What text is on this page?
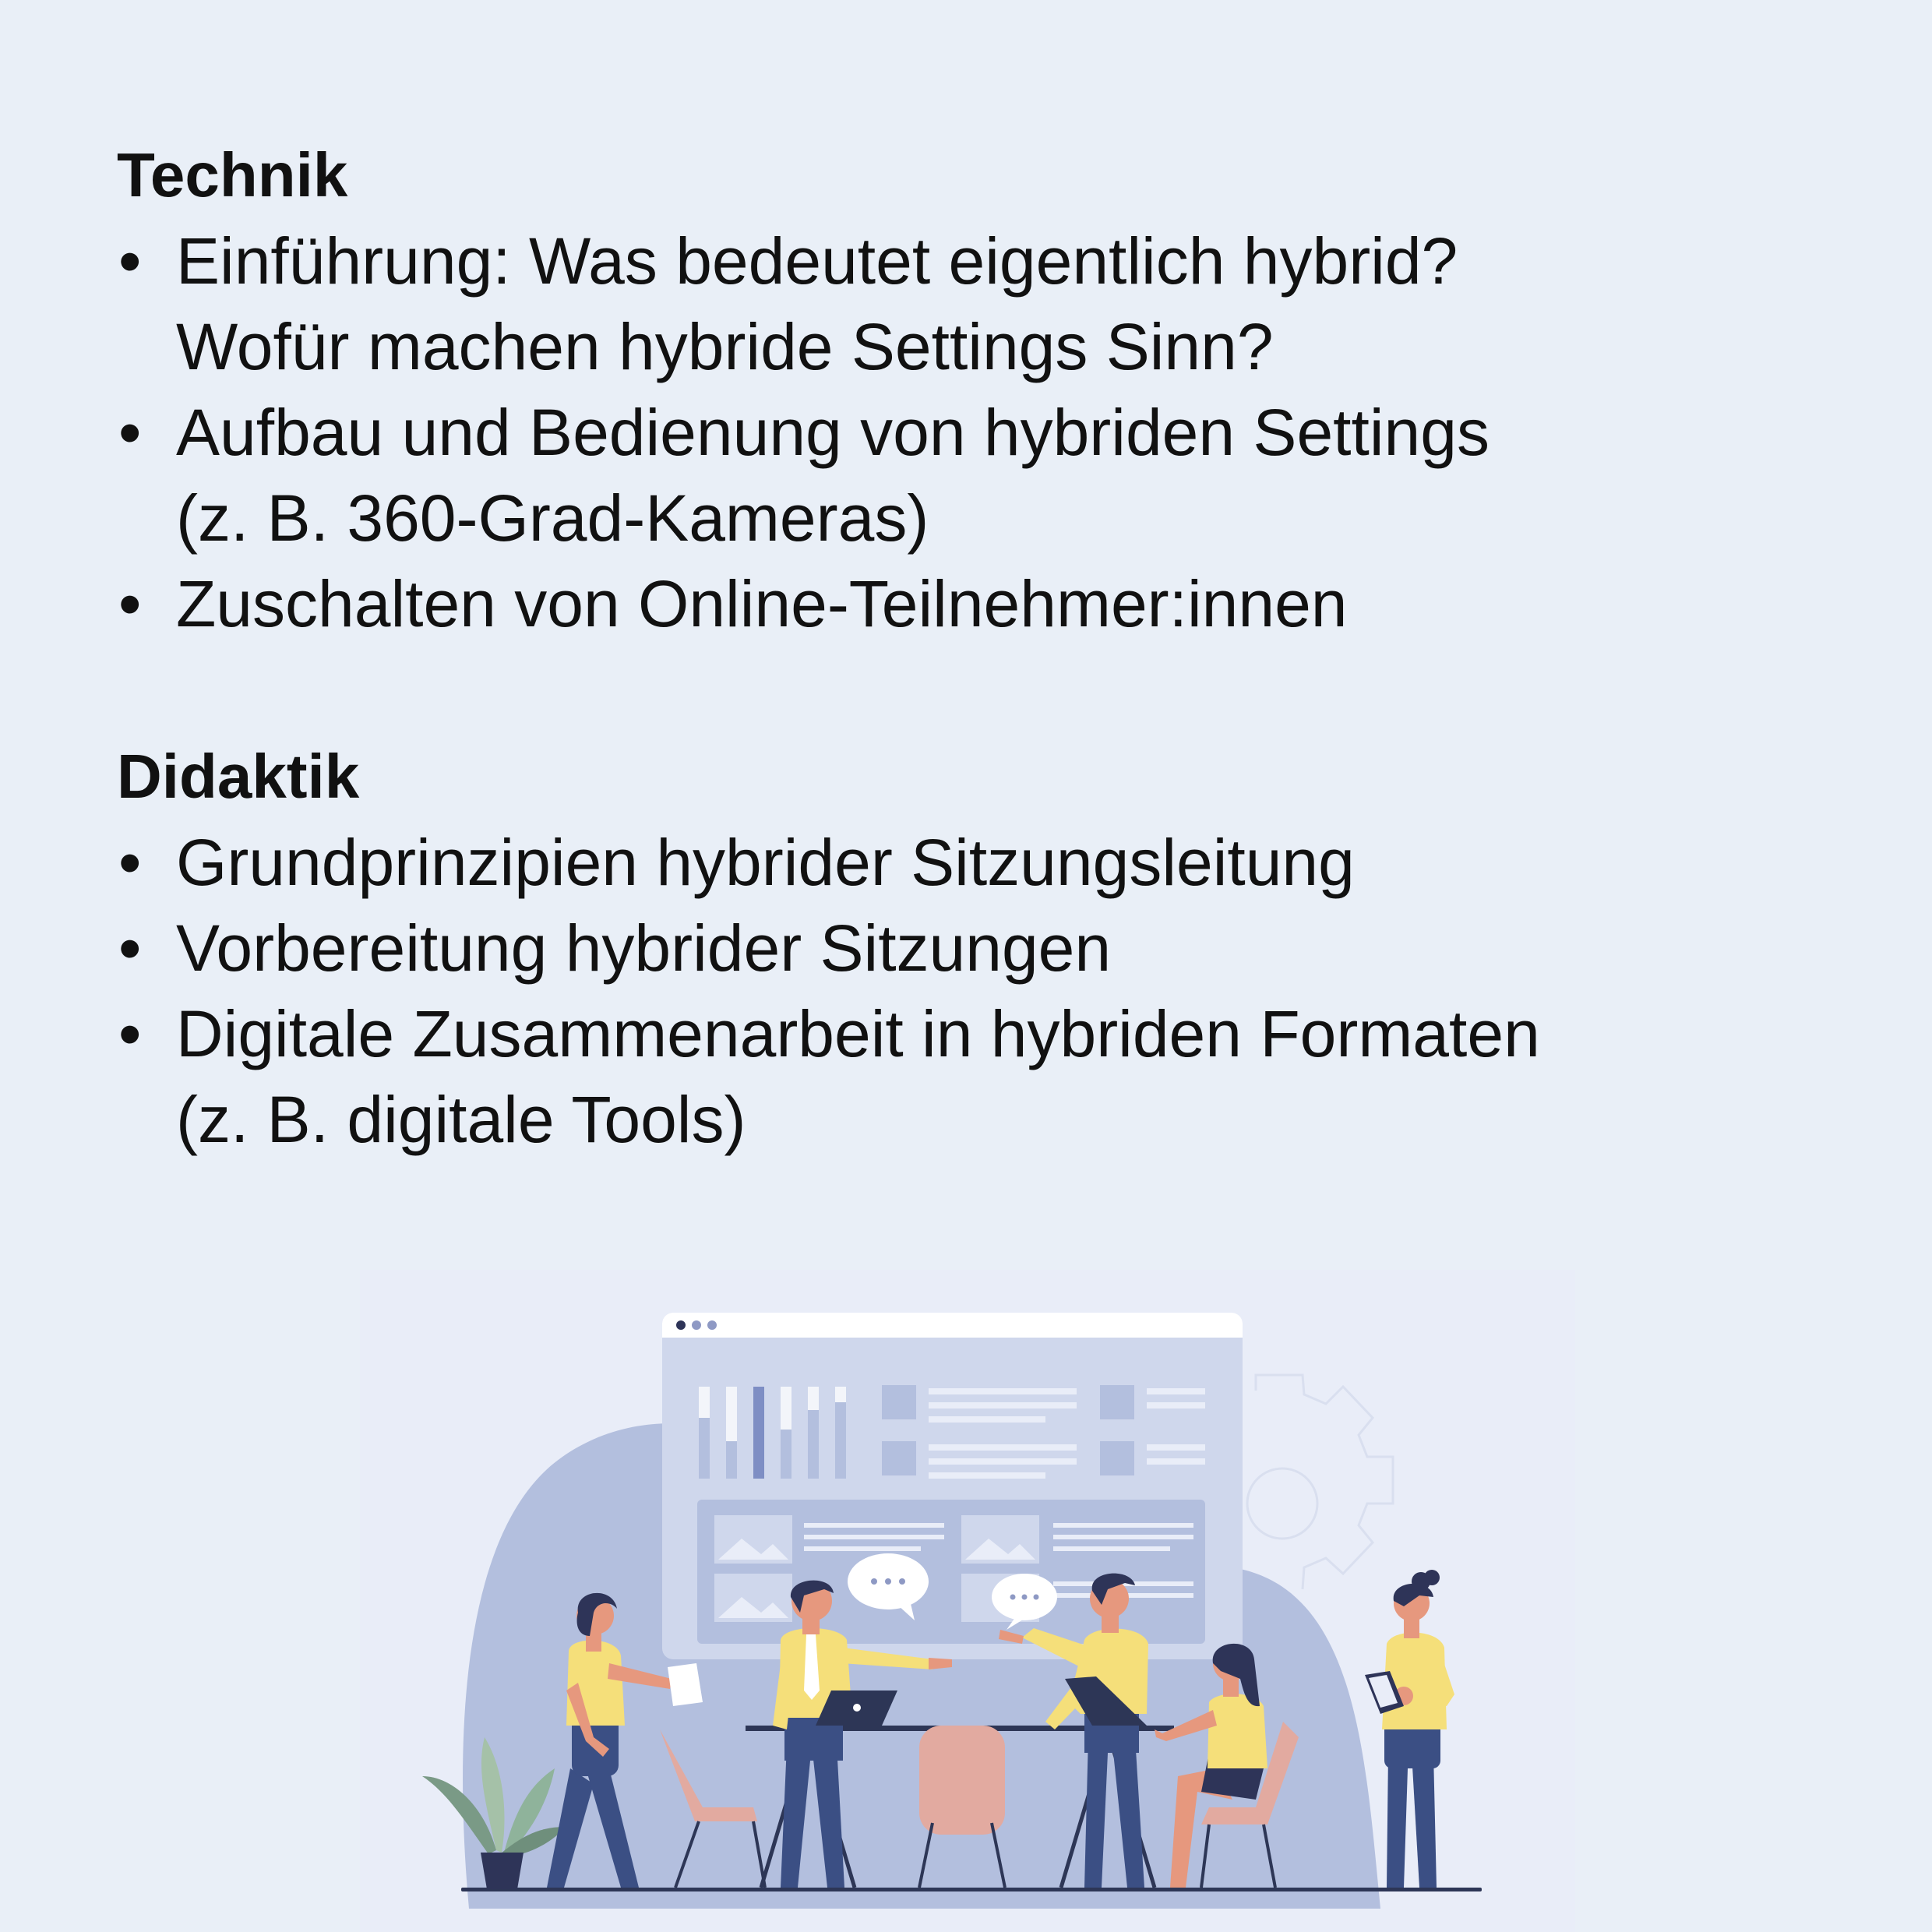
Technik
• Einführung: Was bedeutet eigentlich hybrid?
Wofür machen hybride Settings Sinn?
• Aufbau und Bedienung von hybriden Settings
(z. B. 360-Grad-Kameras)
• Zuschalten von Online-Teilnehmer:innen
Didaktik
• Grundprinzipien hybrider Sitzungsleitung
• Vorbereitung hybrider Sitzungen
• Digitale Zusammenarbeit in hybriden Formaten
(z. B. digitale Tools)
